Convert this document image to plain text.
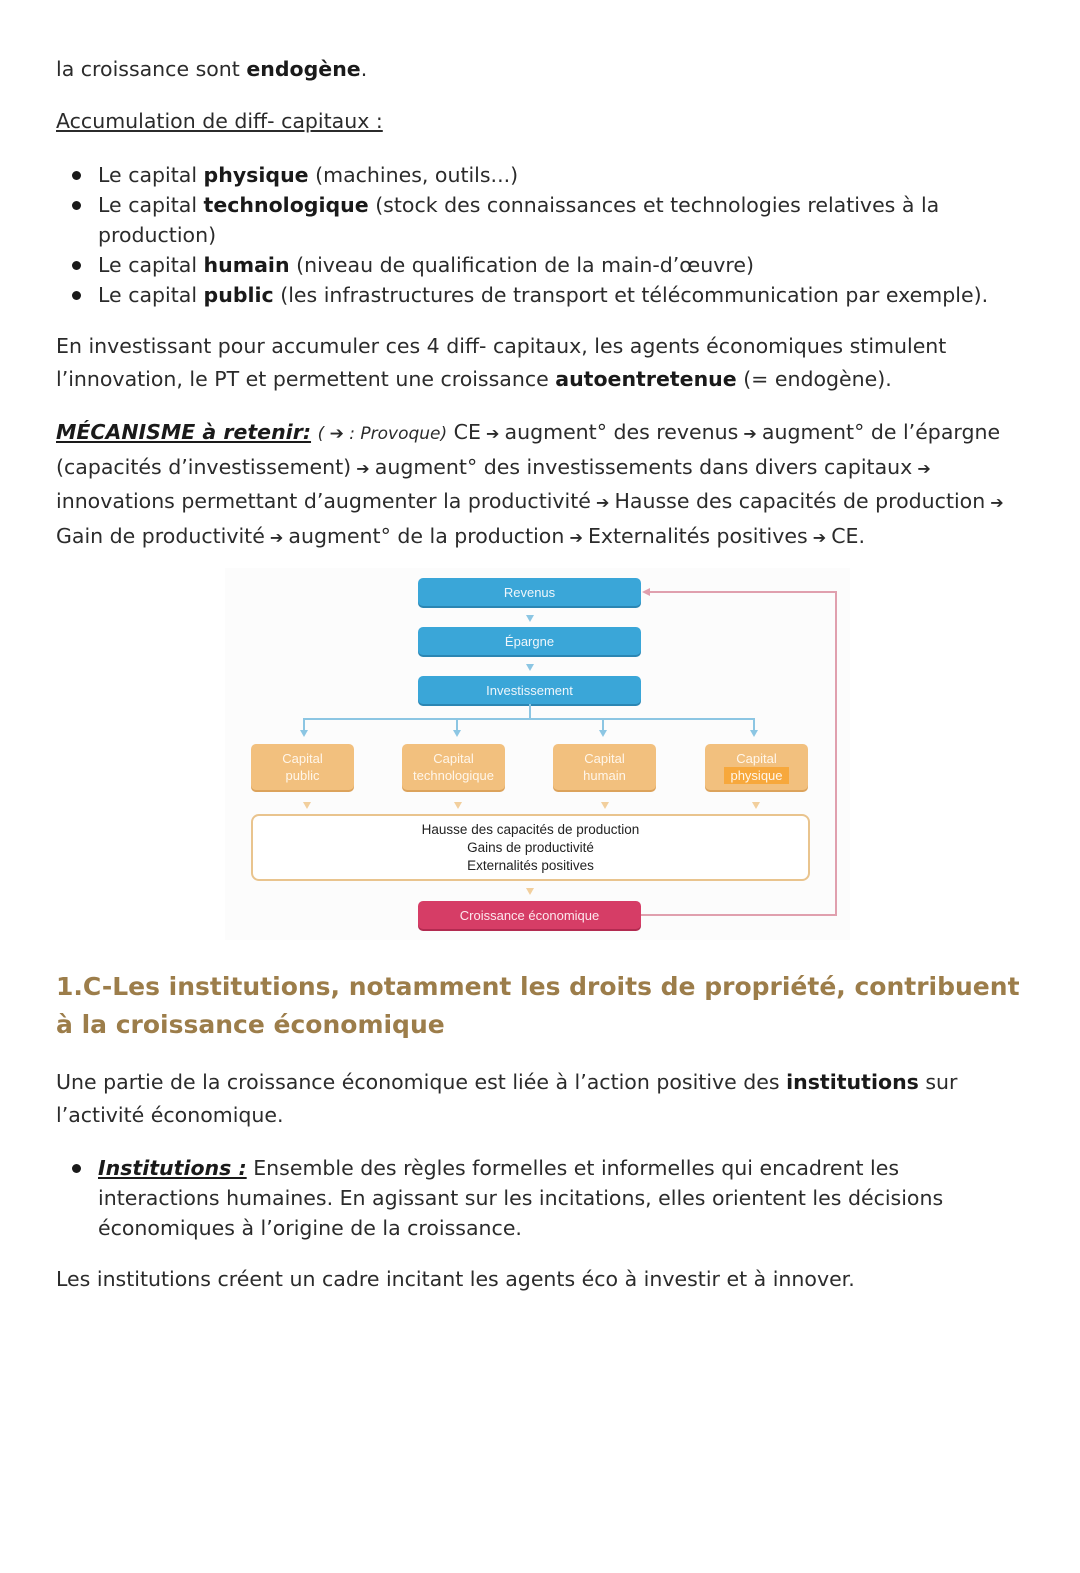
la croissance sont endogène.

Accumulation de diff- capitaux :

Le capital physique (machines, outils...)
Le capital technologique (stock des connaissances et technologies relatives à la production)
Le capital humain (niveau de qualification de la main-d’œuvre)
Le capital public (les infrastructures de transport et télécommunication par exemple).

En investissant pour accumuler ces 4 diff- capitaux, les agents économiques stimulent l’innovation, le PT et permettent une croissance autoentretenue (= endogène).

MÉCANISME à retenir: ( ➔ : Provoque) CE ➔ augment° des revenus ➔ augment° de l’épargne (capacités d’investissement) ➔ augment° des investissements dans divers capitaux ➔ innovations permettant d’augmenter la productivité ➔ Hausse des capacités de production ➔ Gain de productivité ➔ augment° de la production ➔ Externalités positives ➔ CE.

Revenus
Épargne
Investissement
Capital
public
Capital
technologique
Capital
humain
Capital
physique
Hausse des capacités de production
Gains de productivité
Externalités positives
Croissance économique
1.C-Les institutions, notamment les droits de propriété, contribuent à la croissance économique

Une partie de la croissance économique est liée à l’action positive des institutions sur l’activité économique.

Institutions : Ensemble des règles formelles et informelles qui encadrent les interactions humaines. En agissant sur les incitations, elles orientent les décisions économiques à l’origine de la croissance.

Les institutions créent un cadre incitant les agents éco à investir et à innover.
